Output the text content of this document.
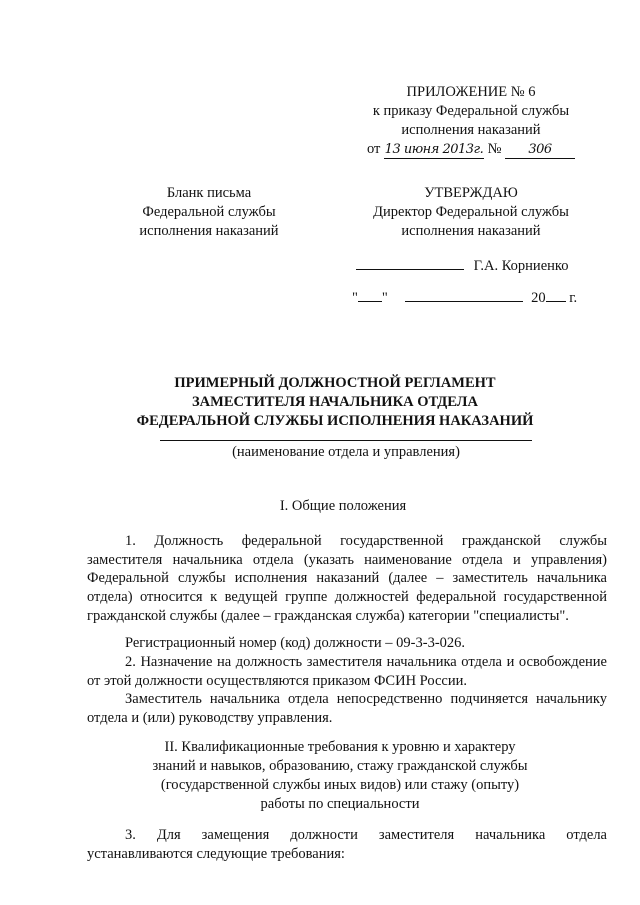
ПРИЛОЖЕНИЕ № 6
к приказу Федеральной службы
исполнения наказаний
от 13 июня 2013г. № 306
Бланк письма
Федеральной службы
исполнения наказаний
УТВЕРЖДАЮ
Директор Федеральной службы
исполнения наказаний
Г.А. Корниенко
" "	20 г.
ПРИМЕРНЫЙ ДОЛЖНОСТНОЙ РЕГЛАМЕНТ
ЗАМЕСТИТЕЛЯ НАЧАЛЬНИКА ОТДЕЛА
ФЕДЕРАЛЬНОЙ СЛУЖБЫ ИСПОЛНЕНИЯ НАКАЗАНИЙ
(наименование отдела и управления)
I. Общие положения
1. Должность федеральной государственной гражданской службы заместителя начальника отдела (указать наименование отдела и управления) Федеральной службы исполнения наказаний (далее – заместитель начальника отдела) относится к ведущей группе должностей федеральной государственной гражданской службы (далее – гражданская служба) категории "специалисты".
Регистрационный номер (код) должности – 09-3-3-026.
2. Назначение на должность заместителя начальника отдела и освобождение от этой должности осуществляются приказом ФСИН России.
Заместитель начальника отдела непосредственно подчиняется начальнику отдела и (или) руководству управления.
II. Квалификационные требования к уровню и характеру
знаний и навыков, образованию, стажу гражданской службы
(государственной службы иных видов) или стажу (опыту)
работы по специальности
3. Для замещения должности заместителя начальника отдела устанавливаются следующие требования:
